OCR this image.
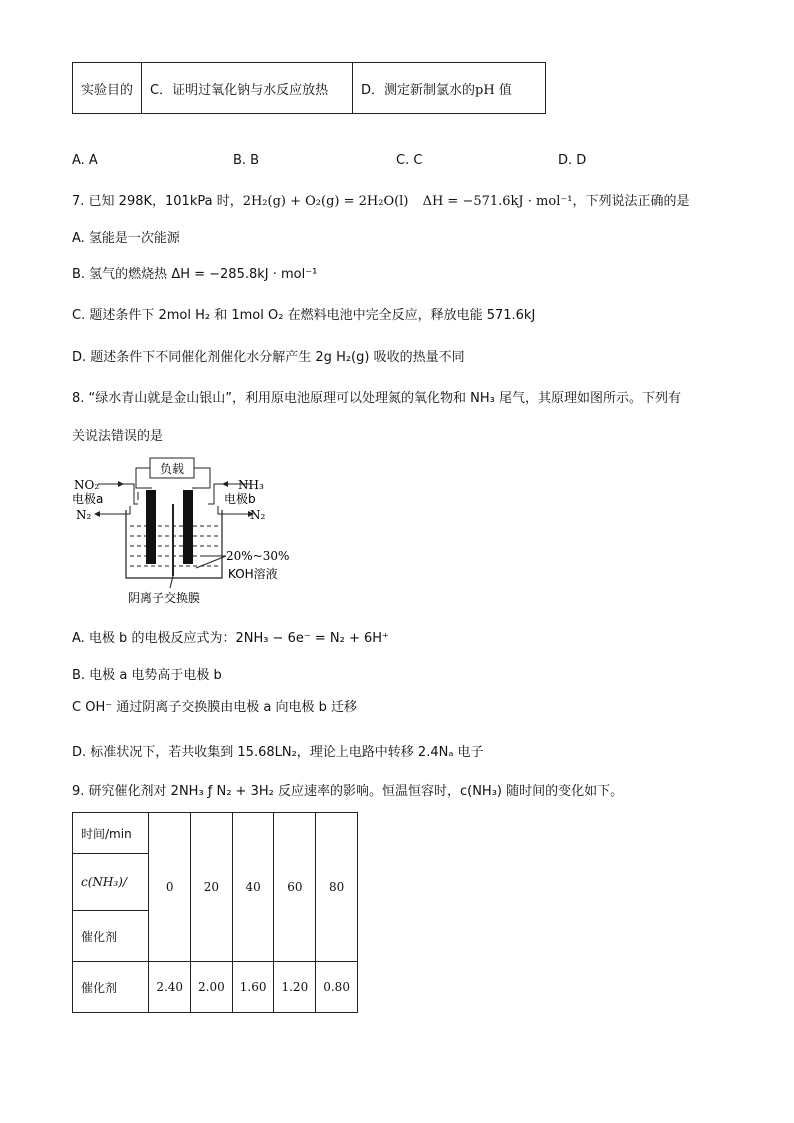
实验目的	C．证明过氧化钠与水反应放热	D．测定新制氯水的pH 值
A. A	B. B	C. C	D. D
7. 已知 298K，101kPa 时，2H₂(g) + O₂(g) = 2H₂O(l) ΔH = −571.6kJ · mol⁻¹，下列说法正确的是
A. 氢能是一次能源
B. 氢气的燃烧热 ΔH = −285.8kJ · mol⁻¹
C. 题述条件下 2mol H₂ 和 1mol O₂ 在燃料电池中完全反应，释放电能 571.6kJ
D. 题述条件下不同催化剂催化水分解产生 2g H₂(g) 吸收的热量不同
8. “绿水青山就是金山银山”，利用原电池原理可以处理氮的氧化物和 NH₃ 尾气，其原理如图所示。下列有
关说法错误的是
负载
NO₂
电极a
N₂
NH₃
电极b
N₂
20%~30%
KOH溶液
阴离子交换膜
A. 电极 b 的电极反应式为：2NH₃ − 6e⁻ = N₂ + 6H⁺
B. 电极 a 电势高于电极 b
C OH⁻ 通过阴离子交换膜由电极 a 向电极 b 迁移
D. 标准状况下，若共收集到 15.68LN₂，理论上电路中转移 2.4Nₐ 电子
9. 研究催化剂对 2NH₃ ƒ N₂ + 3H₂ 反应速率的影响。恒温恒容时，c(NH₃) 随时间的变化如下。
时间/min	0	20	40	60	80
c(NH₃)/					
催化剂					
催化剂	2.40	2.00	1.60	1.20	0.80
